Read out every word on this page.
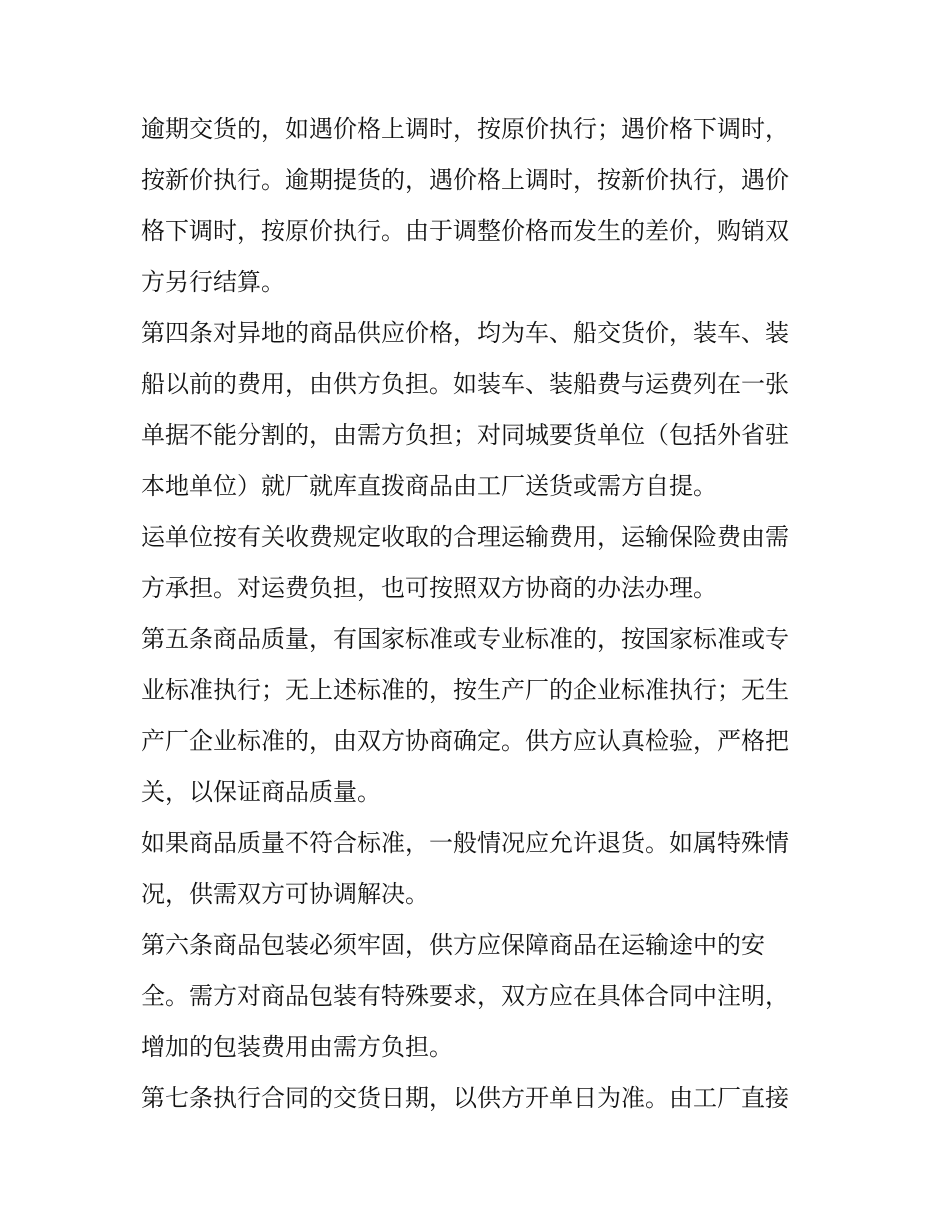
逾期交货的，如遇价格上调时，按原价执行；遇价格下调时，
按新价执行。逾期提货的，遇价格上调时，按新价执行，遇价
格下调时，按原价执行。由于调整价格而发生的差价，购销双
方另行结算。
第四条对异地的商品供应价格，均为车、船交货价，装车、装
船以前的费用，由供方负担。如装车、装船费与运费列在一张
单据不能分割的，由需方负担；对同城要货单位（包括外省驻
本地单位）就厂就库直拨商品由工厂送货或需方自提。
运单位按有关收费规定收取的合理运输费用，运输保险费由需
方承担。对运费负担，也可按照双方协商的办法办理。
第五条商品质量，有国家标准或专业标准的，按国家标准或专
业标准执行；无上述标准的，按生产厂的企业标准执行；无生
产厂企业标准的，由双方协商确定。供方应认真检验，严格把
关，以保证商品质量。
如果商品质量不符合标准，一般情况应允许退货。如属特殊情
况，供需双方可协调解决。
第六条商品包装必须牢固，供方应保障商品在运输途中的安
全。需方对商品包装有特殊要求，双方应在具体合同中注明，
增加的包装费用由需方负担。
第七条执行合同的交货日期，以供方开单日为准。由工厂直接
